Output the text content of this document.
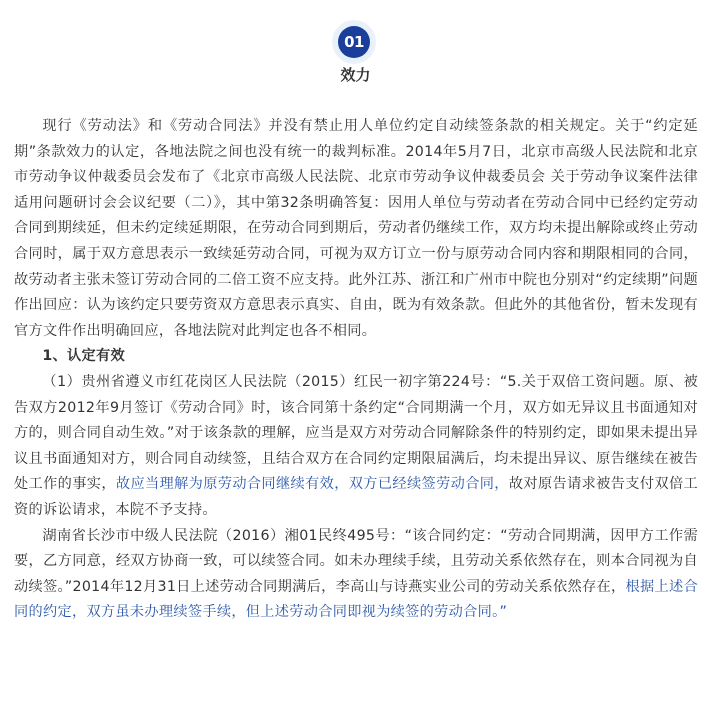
01
效力

现行《劳动法》和《劳动合同法》并没有禁止用人单位约定自动续签条款的相关规定。关于“约定延期”条款效力的认定，各地法院之间也没有统一的裁判标准。2014年5月7日，北京市高级人民法院和北京市劳动争议仲裁委员会发布了《北京市高级人民法院、北京市劳动争议仲裁委员会 关于劳动争议案件法律适用问题研讨会会议纪要（二）》，其中第32条明确答复：因用人单位与劳动者在劳动合同中已经约定劳动合同到期续延，但未约定续延期限，在劳动合同到期后，劳动者仍继续工作，双方均未提出解除或终止劳动合同时，属于双方意思表示一致续延劳动合同，可视为双方订立一份与原劳动合同内容和期限相同的合同，故劳动者主张未签订劳动合同的二倍工资不应支持。此外江苏、浙江和广州市中院也分别对“约定续期”问题作出回应：认为该约定只要劳资双方意思表示真实、自由，既为有效条款。但此外的其他省份，暂未发现有官方文件作出明确回应，各地法院对此判定也各不相同。

1、认定有效

（1）贵州省遵义市红花岗区人民法院（2015）红民一初字第224号：“5.关于双倍工资问题。原、被告双方2012年9月签订《劳动合同》时，该合同第十条约定“合同期满一个月，双方如无异议且书面通知对方的，则合同自动生效。”对于该条款的理解，应当是双方对劳动合同解除条件的特别约定，即如果未提出异议且书面通知对方，则合同自动续签，且结合双方在合同约定期限届满后，均未提出异议、原告继续在被告处工作的事实，故应当理解为原劳动合同继续有效，双方已经续签劳动合同，故对原告请求被告支付双倍工资的诉讼请求，本院不予支持。

湖南省长沙市中级人民法院（2016）湘01民终495号：“该合同约定：“劳动合同期满，因甲方工作需要，乙方同意，经双方协商一致，可以续签合同。如未办理续手续，且劳动关系依然存在，则本合同视为自动续签。”2014年12月31日上述劳动合同期满后，李高山与诗燕实业公司的劳动关系依然存在，根据上述合同的约定，双方虽未办理续签手续，但上述劳动合同即视为续签的劳动合同。”
